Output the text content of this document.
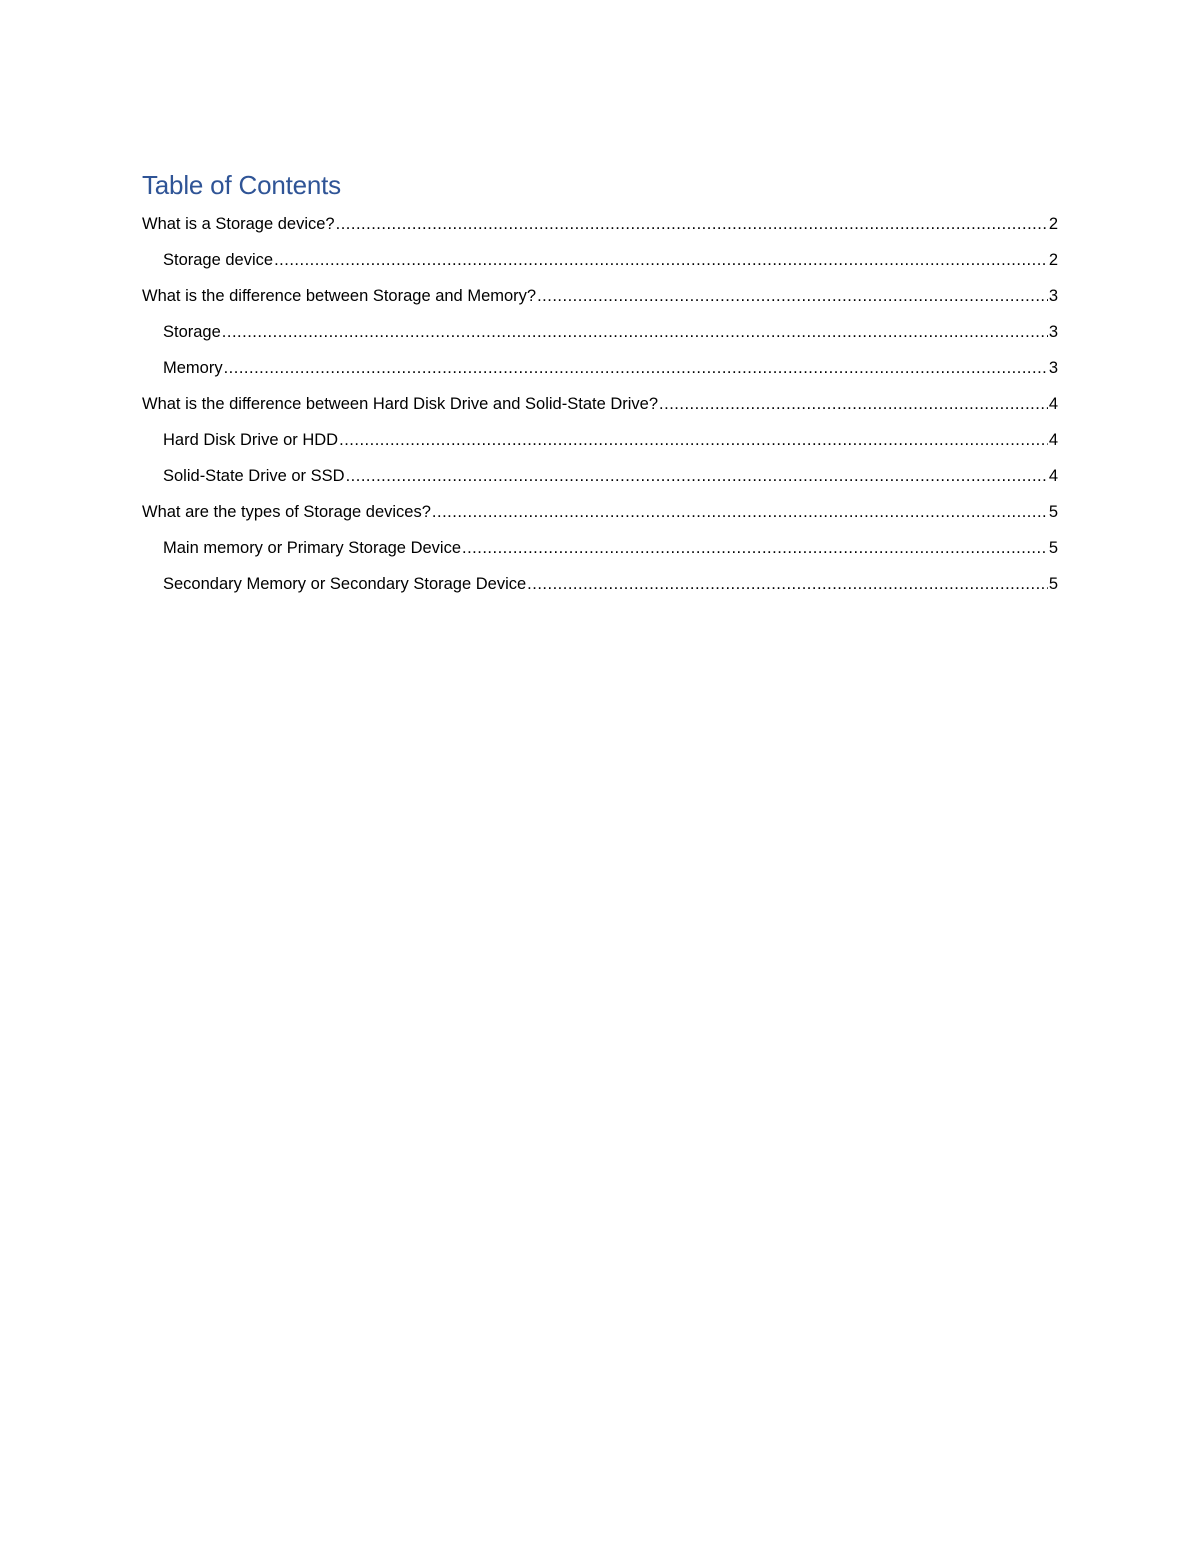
Table of Contents
What is a Storage device? .....	2
Storage device .....	2
What is the difference between Storage and Memory? .....	3
Storage .....	3
Memory .....	3
What is the difference between Hard Disk Drive and Solid-State Drive? .....	4
Hard Disk Drive or HDD .....	4
Solid-State Drive or SSD .....	4
What are the types of Storage devices? .....	5
Main memory or Primary Storage Device .....	5
Secondary Memory or Secondary Storage Device .....	5
